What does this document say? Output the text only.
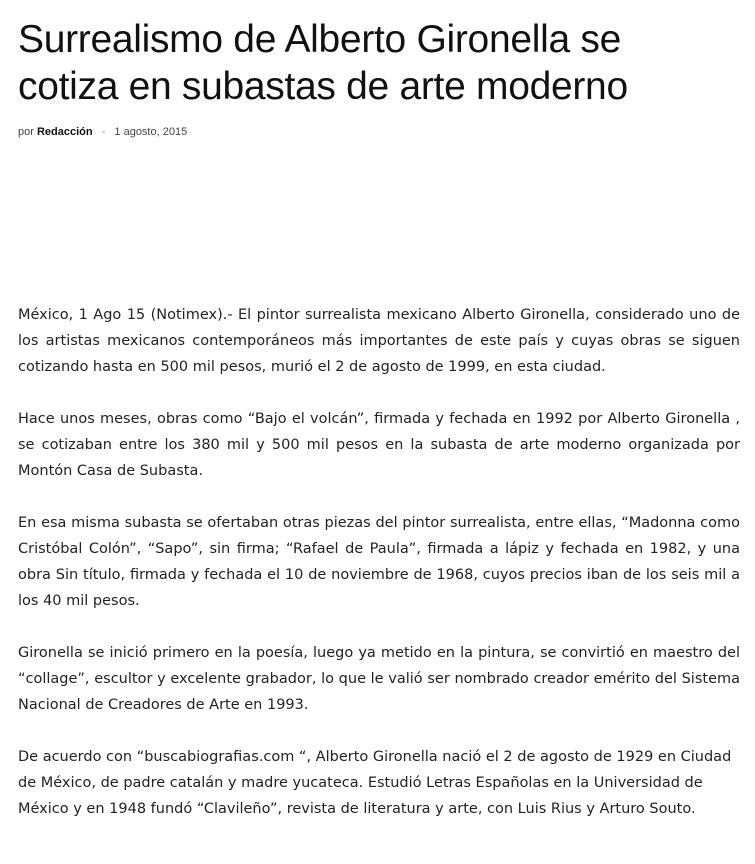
Surrealismo de Alberto Gironella se cotiza en subastas de arte moderno
por Redacción - 1 agosto, 2015

México, 1 Ago 15 (Notimex).- El pintor surrealista mexicano Alberto Gironella, considerado uno de los artistas mexicanos contemporáneos más importantes de este país y cuyas obras se siguen cotizando hasta en 500 mil pesos, murió el 2 de agosto de 1999, en esta ciudad.

Hace unos meses, obras como “Bajo el volcán”, firmada y fechada en 1992 por Alberto Gironella , se cotizaban entre los 380 mil y 500 mil pesos en la subasta de arte moderno organizada por Montón Casa de Subasta.

En esa misma subasta se ofertaban otras piezas del pintor surrealista, entre ellas, “Madonna como Cristóbal Colón”, “Sapo”, sin firma; “Rafael de Paula”, firmada a lápiz y fechada en 1982, y una obra Sin título, firmada y fechada el 10 de noviembre de 1968, cuyos precios iban de los seis mil a los 40 mil pesos.

Gironella se inició primero en la poesía, luego ya metido en la pintura, se convirtió en maestro del “collage”, escultor y excelente grabador, lo que le valió ser nombrado creador emérito del Sistema Nacional de Creadores de Arte en 1993.

De acuerdo con “buscabiografias.com “, Alberto Gironella nació el 2 de agosto de 1929 en Ciudad de México, de padre catalán y madre yucateca. Estudió Letras Españolas en la Universidad de México y en 1948 fundó “Clavileño”, revista de literatura y arte, con Luis Rius y Arturo Souto.
